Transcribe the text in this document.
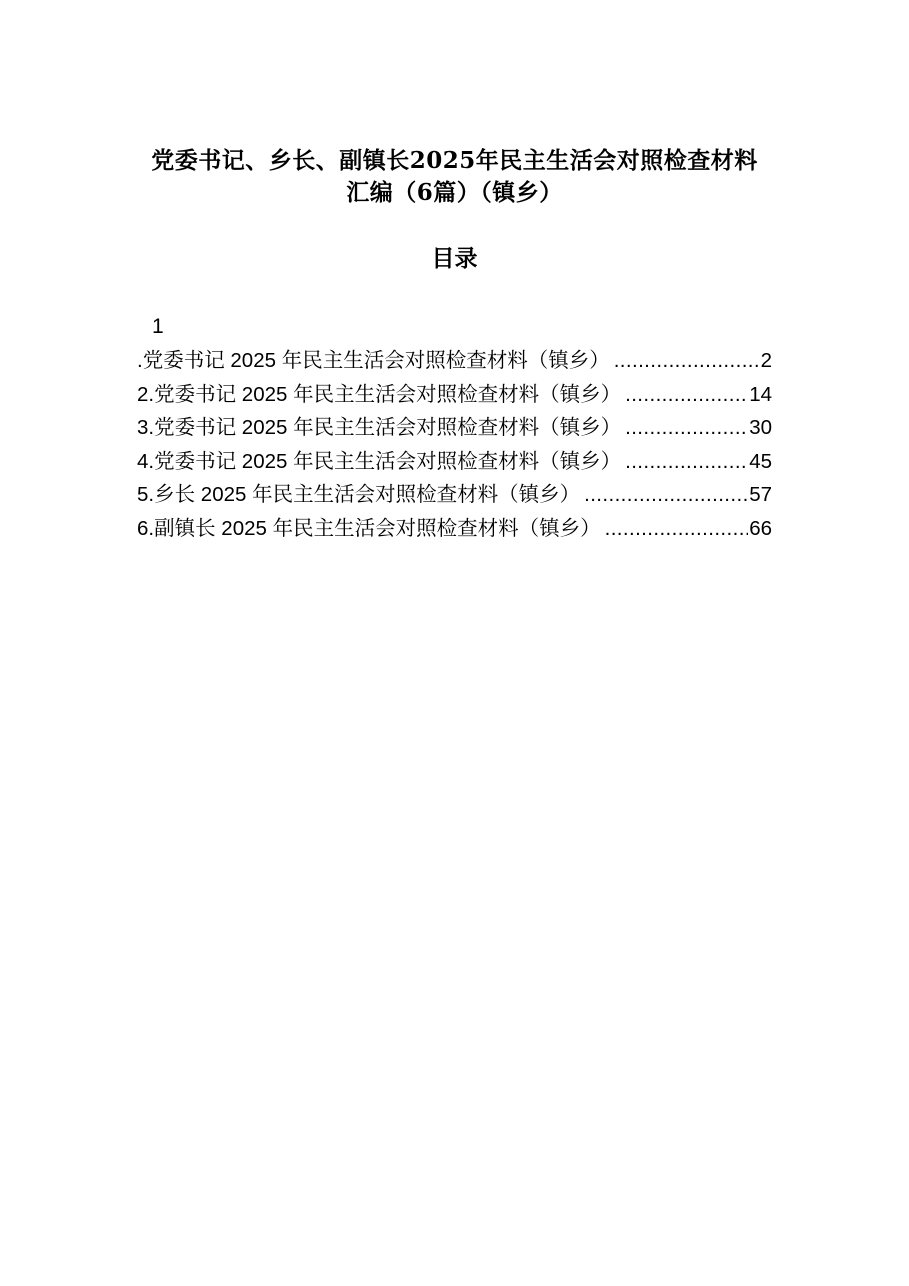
党委书记、乡长、副镇长2025年民主生活会对照检查材料
汇编（6篇）（镇乡）
目录
1
.党委书记 2025 年民主生活会对照检查材料（镇乡） .....	2
2.党委书记 2025 年民主生活会对照检查材料（镇乡） .....	14
3.党委书记 2025 年民主生活会对照检查材料（镇乡） .....	30
4.党委书记 2025 年民主生活会对照检查材料（镇乡） .....	45
5.乡长 2025 年民主生活会对照检查材料（镇乡） .....	57
6.副镇长 2025 年民主生活会对照检查材料（镇乡） .....	66
